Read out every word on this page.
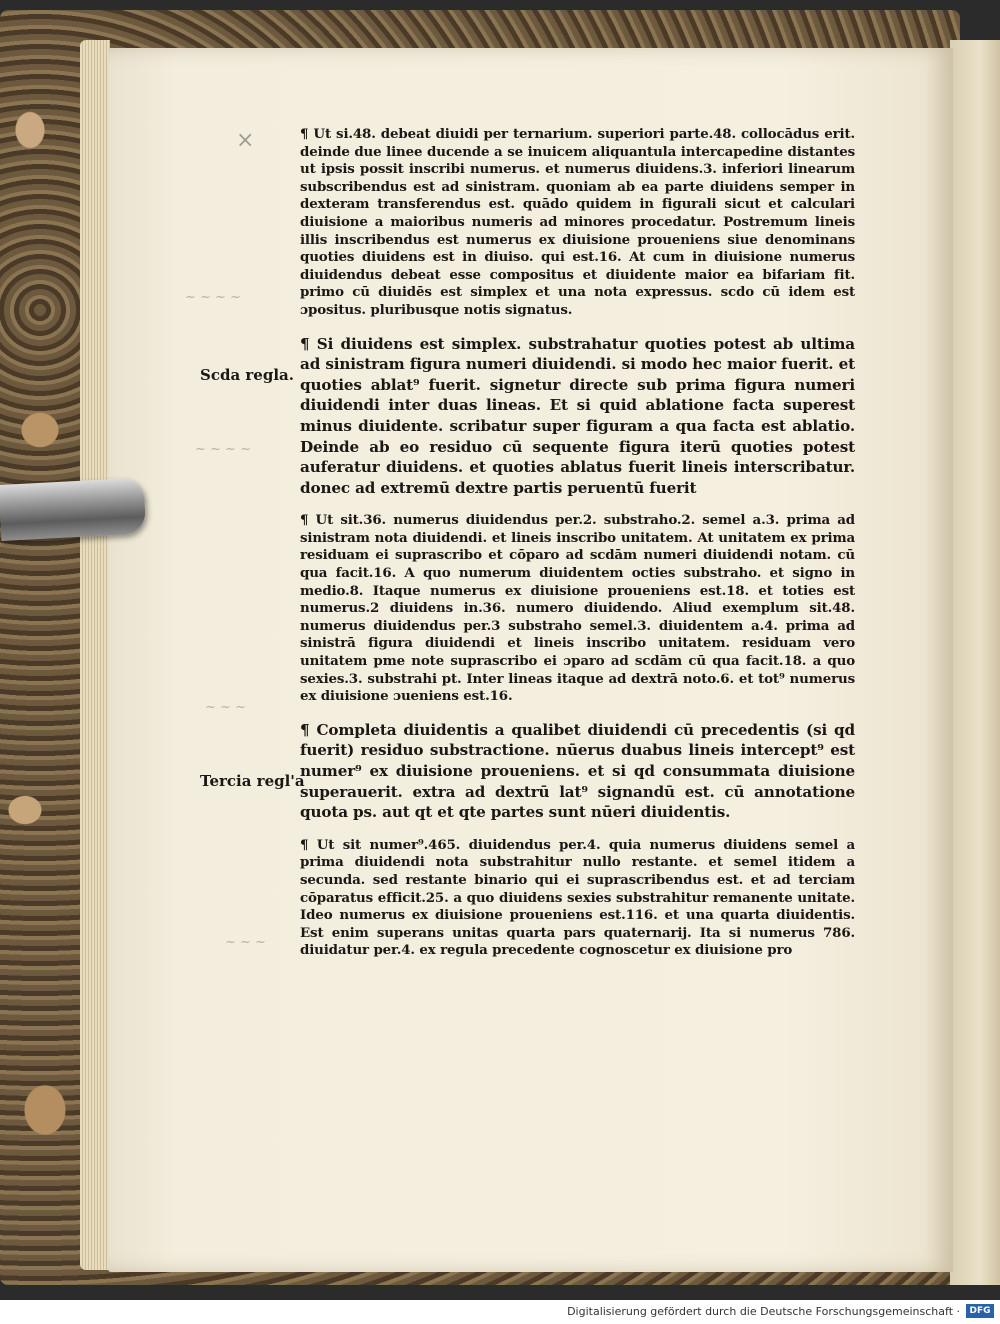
×
~ ~ ~ ~
~ ~ ~ ~
~ ~ ~
~ ~ ~
Scda regla.
Tercia regl'a

¶ Ut si.48. debeat diuidi per ternarium. superiori parte.48. collocādus erit. deinde due linee ducende a se inuicem aliquantula intercapedine distantes ut ipsis possit inscribi numerus. et numerus diuidens.3. inferiori linearum subscribendus est ad sinistram. quoniam ab ea parte diuidens semper in dexteram transferendus est. quādo quidem in figurali sicut et calculari diuisione a maioribus numeris ad minores procedatur. Postremum lineis illis inscribendus est numerus ex diuisione proueniens siue denominans quoties diuidens est in diuiso. qui est.16. At cum in diuisione numerus diuidendus debeat esse compositus et diuidente maior ea bifariam fit. primo cū diuidēs est simplex et una nota expressus. scdo cū idem est ɔpositus. pluribusque notis signatus.

¶ Si diuidens est simplex. substrahatur quoties potest ab ultima ad sinistram figura numeri diuidendi. si modo hec maior fuerit. et quoties ablat⁹ fuerit. signetur directe sub prima figura numeri diuidendi inter duas lineas. Et si quid ablatione facta superest minus diuidente. scribatur super figuram a qua facta est ablatio. Deinde ab eo residuo cū sequente figura iterū quoties potest auferatur diuidens. et quoties ablatus fuerit lineis interscribatur. donec ad extremū dextre partis peruentū fuerit

¶ Ut sit.36. numerus diuidendus per.2. substraho.2. semel a.3. prima ad sinistram nota diuidendi. et lineis inscribo unitatem. At unitatem ex prima residuam ei suprascribo et cōparo ad scdām numeri diuidendi notam. cū qua facit.16. A quo numerum diuidentem octies substraho. et signo in medio.8. Itaque numerus ex diuisione proueniens est.18. et toties est numerus.2 diuidens in.36. numero diuidendo. Aliud exemplum sit.48. numerus diuidendus per.3 substraho semel.3. diuidentem a.4. prima ad sinistrā figura diuidendi et lineis inscribo unitatem. residuam vero unitatem pme note suprascribo ei ɔparo ad scdām cū qua facit.18. a quo sexies.3. substrahi pt. Inter lineas itaque ad dextrā noto.6. et tot⁹ numerus ex diuisione ɔueniens est.16.

¶ Completa diuidentis a qualibet diuidendi cū precedentis (si qd fuerit) residuo substractione. nūerus duabus lineis intercept⁹ est numer⁹ ex diuisione proueniens. et si qd consummata diuisione superauerit. extra ad dextrū lat⁹ signandū est. cū annotatione quota ps. aut qt et qte partes sunt nūeri diuidentis.

¶ Ut sit numer⁹.465. diuidendus per.4. quia numerus diuidens semel a prima diuidendi nota substrahitur nullo restante. et semel itidem a secunda. sed restante binario qui ei suprascribendus est. et ad terciam cōparatus efficit.25. a quo diuidens sexies substrahitur remanente unitate. Ideo numerus ex diuisione proueniens est.116. et una quarta diuidentis. Est enim superans unitas quarta pars quaternarij. Ita si numerus 786. diuidatur per.4. ex regula precedente cognoscetur ex diuisione pro

Digitalisierung gefördert durch die Deutsche Forschungsgemeinschaft ·	DFG
